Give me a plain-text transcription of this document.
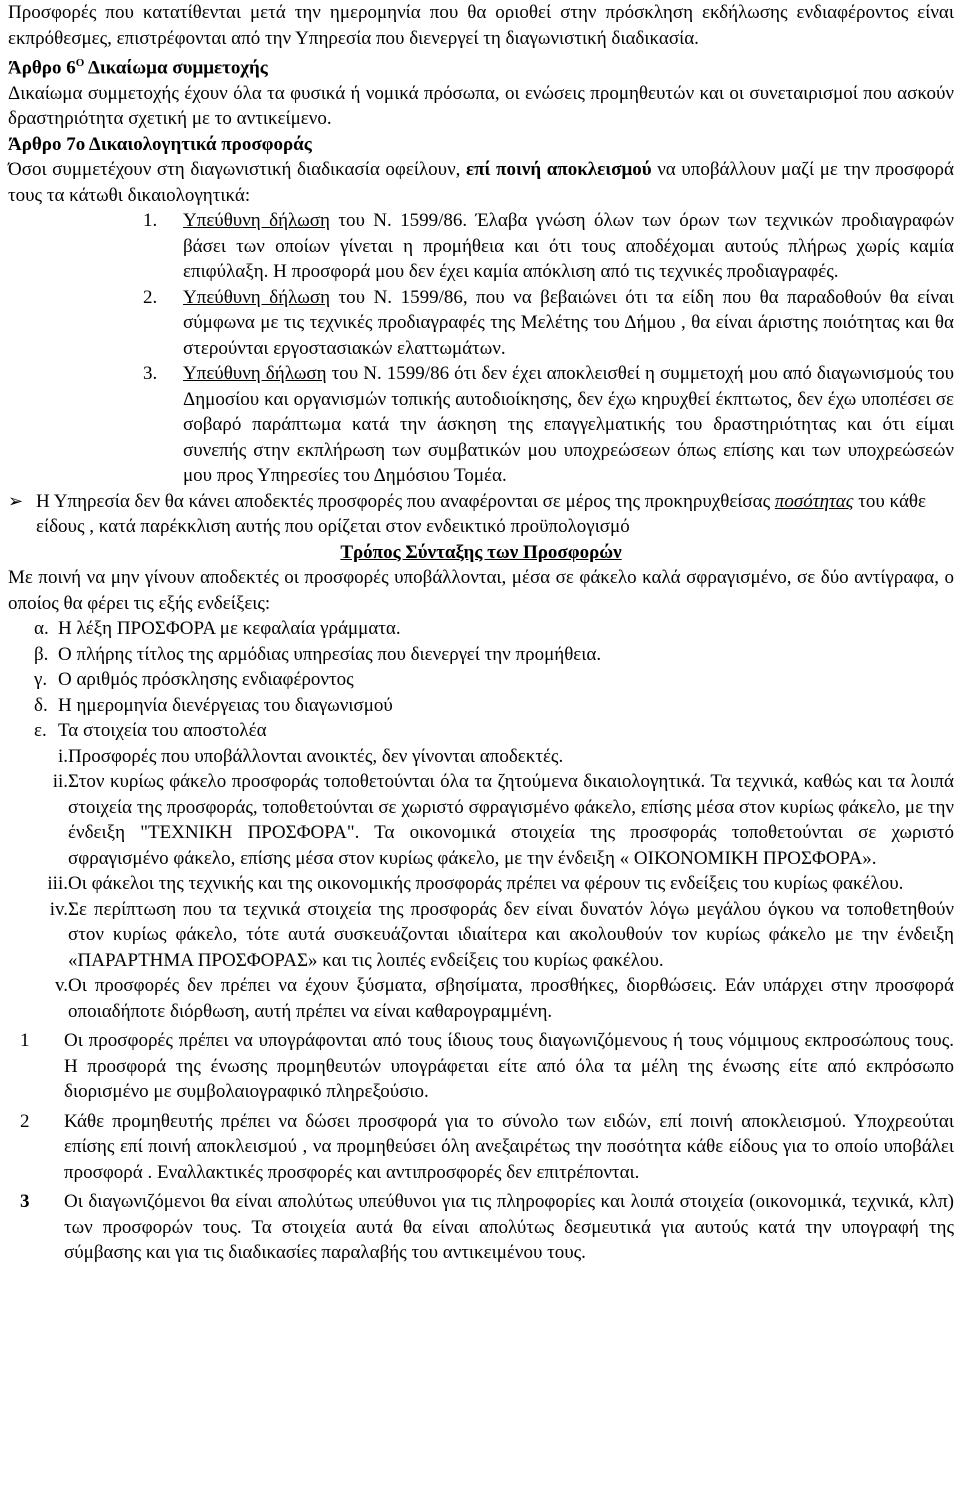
Προσφορές που κατατίθενται μετά την ημερομηνία που θα οριοθεί στην πρόσκληση εκδήλωσης ενδιαφέροντος είναι εκπρόθεσμες, επιστρέφονται από την Υπηρεσία που διενεργεί τη διαγωνιστική διαδικασία.

Άρθρο $6^O$ Δικαίωμα συμμετοχής

Δικαίωμα συμμετοχής έχουν όλα τα φυσικά ή νομικά πρόσωπα, οι ενώσεις προμηθευτών και οι συνεταιρισμοί που ασκούν δραστηριότητα σχετική με το αντικείμενο.

Άρθρο 7ο Δικαιολογητικά προσφοράς

Όσοι συμμετέχουν στη διαγωνιστική διαδικασία οφείλουν, επί ποινή αποκλεισμού να υποβάλλουν μαζί με την προσφορά τους τα κάτωθι δικαιολογητικά:

1.	Υπεύθυνη δήλωση του Ν. 1599/86. Έλαβα γνώση όλων των όρων των τεχνικών προδιαγραφών βάσει των οποίων γίνεται η προμήθεια και ότι τους αποδέχομαι αυτούς πλήρως χωρίς καμία επιφύλαξη. Η προσφορά μου δεν έχει καμία απόκλιση από τις τεχνικές προδιαγραφές.
2.	Υπεύθυνη δήλωση του Ν. 1599/86, που να βεβαιώνει ότι τα είδη που θα παραδοθούν θα είναι σύμφωνα με τις τεχνικές προδιαγραφές της Μελέτης του Δήμου , θα είναι άριστης ποιότητας και θα στερούνται εργοστασιακών ελαττωμάτων.
3.	Υπεύθυνη δήλωση του Ν. 1599/86 ότι δεν έχει αποκλεισθεί η συμμετοχή μου από διαγωνισμούς του Δημοσίου και οργανισμών τοπικής αυτοδιοίκησης, δεν έχω κηρυχθεί έκπτωτος, δεν έχω υποπέσει σε σοβαρό παράπτωμα κατά την άσκηση της επαγγελματικής του δραστηριότητας και ότι είμαι συνεπής στην εκπλήρωση των συμβατικών μου υποχρεώσεων όπως επίσης και των υποχρεώσεών μου προς Υπηρεσίες του Δημόσιου Τομέα.
➢ Η Υπηρεσία δεν θα κάνει αποδεκτές προσφορές που αναφέρονται σε μέρος της προκηρυχθείσας ποσότητας του κάθε είδους , κατά παρέκκλιση αυτής που ορίζεται στον ενδεικτικό προϋπολογισμό

Τρόπος Σύνταξης των Προσφορών

Με ποινή να μην γίνουν αποδεκτές οι προσφορές υποβάλλονται, μέσα σε φάκελο καλά σφραγισμένο, σε δύο αντίγραφα, ο οποίος θα φέρει τις εξής ενδείξεις:

α. Η λέξη ΠΡΟΣΦΟΡΑ με κεφαλαία γράμματα.
β. Ο πλήρης τίτλος της αρμόδιας υπηρεσίας που διενεργεί την προμήθεια.
γ. Ο αριθμός πρόσκλησης ενδιαφέροντος
δ. Η ημερομηνία διενέργειας του διαγωνισμού
ε. Τα στοιχεία του αποστολέα
i. Προσφορές που υποβάλλονται ανοικτές, δεν γίνονται αποδεκτές.
ii. Στον κυρίως φάκελο προσφοράς τοποθετούνται όλα τα ζητούμενα δικαιολογητικά. Τα τεχνικά, καθώς και τα λοιπά στοιχεία της προσφοράς, τοποθετούνται σε χωριστό σφραγισμένο φάκελο, επίσης μέσα στον κυρίως φάκελο, με την ένδειξη "ΤΕΧΝΙΚΗ ΠΡΟΣΦΟΡΑ". Τα οικονομικά στοιχεία της προσφοράς τοποθετούνται σε χωριστό σφραγισμένο φάκελο, επίσης μέσα στον κυρίως φάκελο, με την ένδειξη « ΟΙΚΟΝΟΜΙΚΗ ΠΡΟΣΦΟΡΑ».
iii. Οι φάκελοι της τεχνικής και της οικονομικής προσφοράς πρέπει να φέρουν τις ενδείξεις του κυρίως φακέλου.
iv. Σε περίπτωση που τα τεχνικά στοιχεία της προσφοράς δεν είναι δυνατόν λόγω μεγάλου όγκου να τοποθετηθούν στον κυρίως φάκελο, τότε αυτά συσκευάζονται ιδιαίτερα και ακολουθούν τον κυρίως φάκελο με την ένδειξη «ΠΑΡΑΡΤΗΜΑ ΠΡΟΣΦΟΡΑΣ» και τις λοιπές ενδείξεις του κυρίως φακέλου.
v. Οι προσφορές δεν πρέπει να έχουν ξύσματα, σβησίματα, προσθήκες, διορθώσεις. Εάν υπάρχει στην προσφορά οποιαδήποτε διόρθωση, αυτή πρέπει να είναι καθαρογραμμένη.
1	Οι προσφορές πρέπει να υπογράφονται από τους ίδιους τους διαγωνιζόμενους ή τους νόμιμους εκπροσώπους τους. Η προσφορά της ένωσης προμηθευτών υπογράφεται είτε από όλα τα μέλη της ένωσης είτε από εκπρόσωπο διορισμένο με συμβολαιογραφικό πληρεξούσιο.
2	Κάθε προμηθευτής πρέπει να δώσει προσφορά για το σύνολο των ειδών, επί ποινή αποκλεισμού. Υποχρεούται επίσης επί ποινή αποκλεισμού , να προμηθεύσει όλη ανεξαιρέτως την ποσότητα κάθε είδους για το οποίο υποβάλει προσφορά . Εναλλακτικές προσφορές και αντιπροσφορές δεν επιτρέπονται.
3	Οι διαγωνιζόμενοι θα είναι απολύτως υπεύθυνοι για τις πληροφορίες και λοιπά στοιχεία (οικονομικά, τεχνικά, κλπ) των προσφορών τους. Τα στοιχεία αυτά θα είναι απολύτως δεσμευτικά για αυτούς κατά την υπογραφή της σύμβασης και για τις διαδικασίες παραλαβής του αντικειμένου τους.
